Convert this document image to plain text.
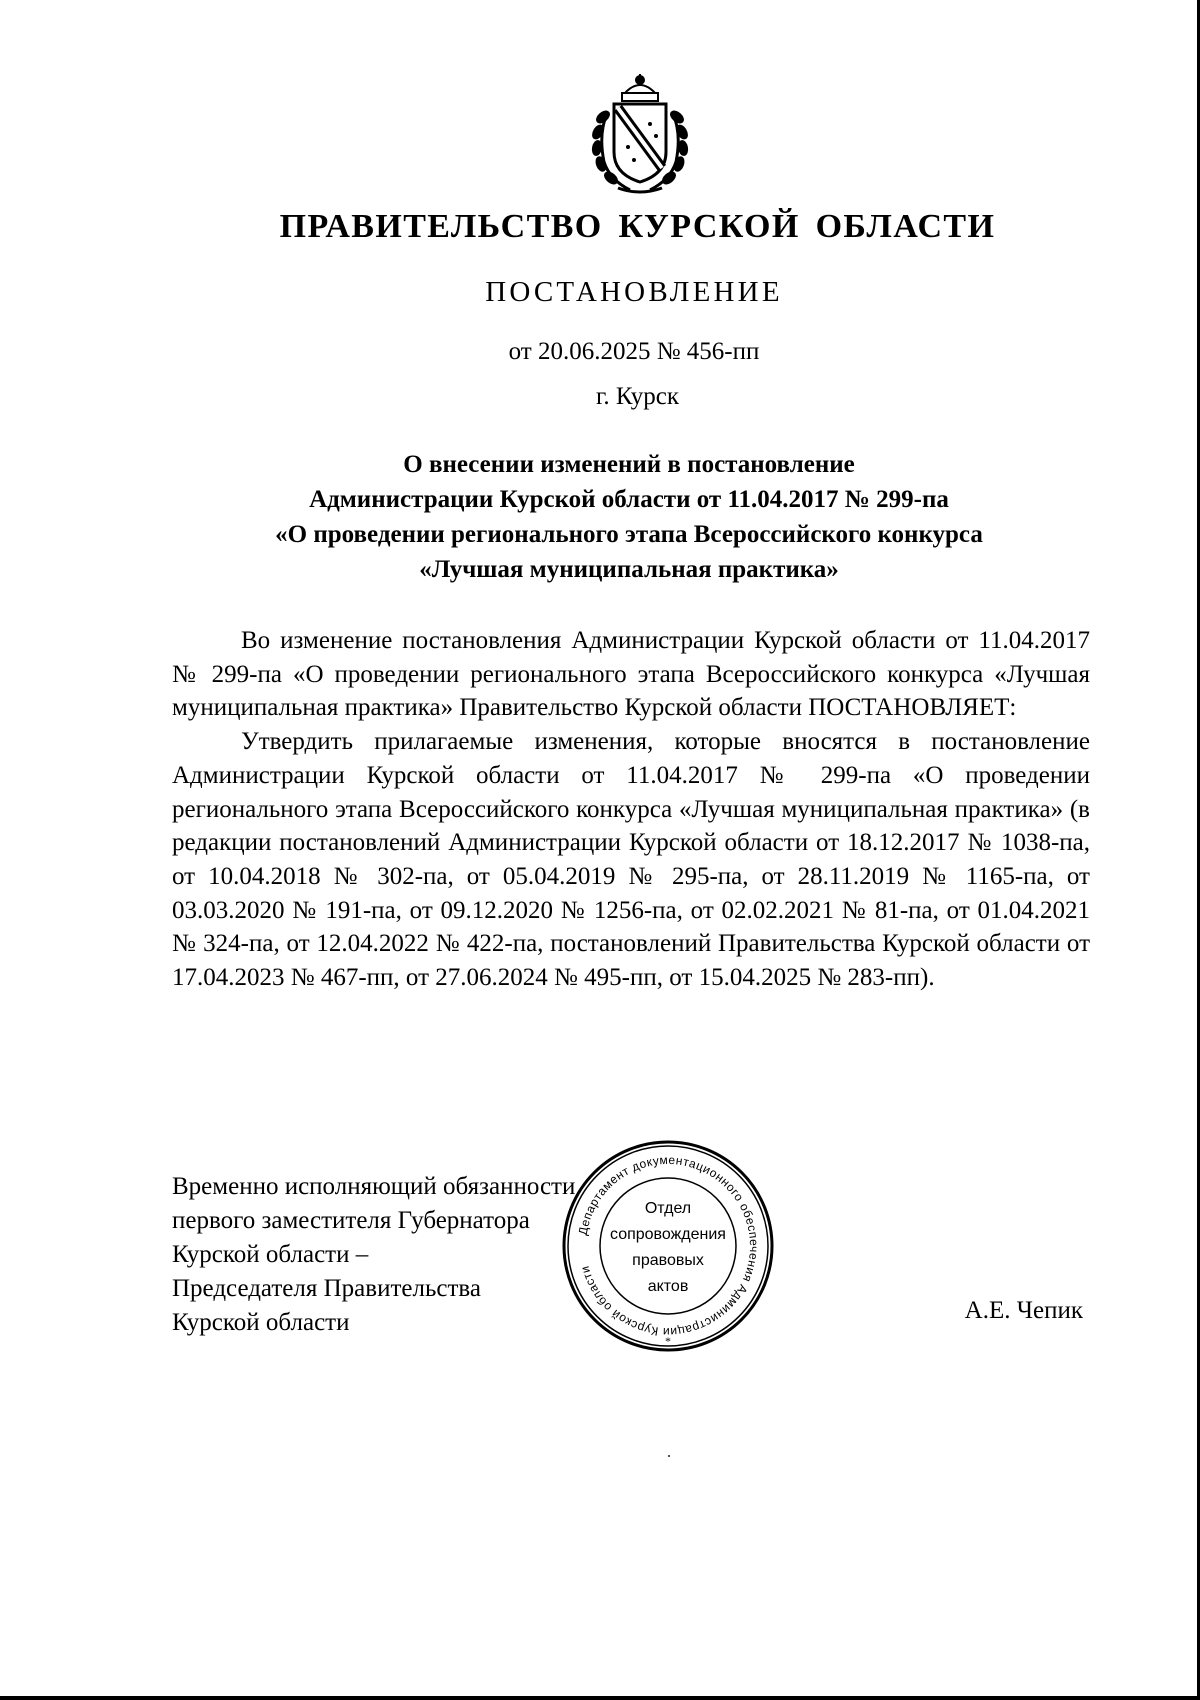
ПРАВИТЕЛЬСТВО КУРСКОЙ ОБЛАСТИ
ПОСТАНОВЛЕНИЕ
от 20.06.2025 № 456-пп
г. Курск
О внесении изменений в постановление
Администрации Курской области от 11.04.2017 № 299-па
«О проведении регионального этапа Всероссийского конкурса
«Лучшая муниципальная практика»

Во изменение постановления Администрации Курской области от 11.04.2017 № 299-па «О проведении регионального этапа Всероссийского конкурса «Лучшая муниципальная практика» Правительство Курской области ПОСТАНОВЛЯЕТ:

Утвердить прилагаемые изменения, которые вносятся в постановление Администрации Курской области от 11.04.2017 № 299-па «О проведении регионального этапа Всероссийского конкурса «Лучшая муниципальная практика» (в редакции постановлений Администрации Курской области от 18.12.2017 № 1038-па, от 10.04.2018 № 302-па, от 05.04.2019 № 295-па, от 28.11.2019 № 1165-па, от 03.03.2020 № 191-па, от 09.12.2020 № 1256-па, от 02.02.2021 № 81-па, от 01.04.2021 № 324-па, от 12.04.2022 № 422-па, постановлений Правительства Курской области от 17.04.2023 № 467-пп, от 27.06.2024 № 495-пп, от 15.04.2025 № 283-пп).

Временно исполняющий обязанности
первого заместителя Губернатора
Курской области –
Председателя Правительства
Курской области
Департамент документационного обеспечения Администрации Курской области
*
Отдел
сопровождения
правовых
актов
А.Е. Чепик
